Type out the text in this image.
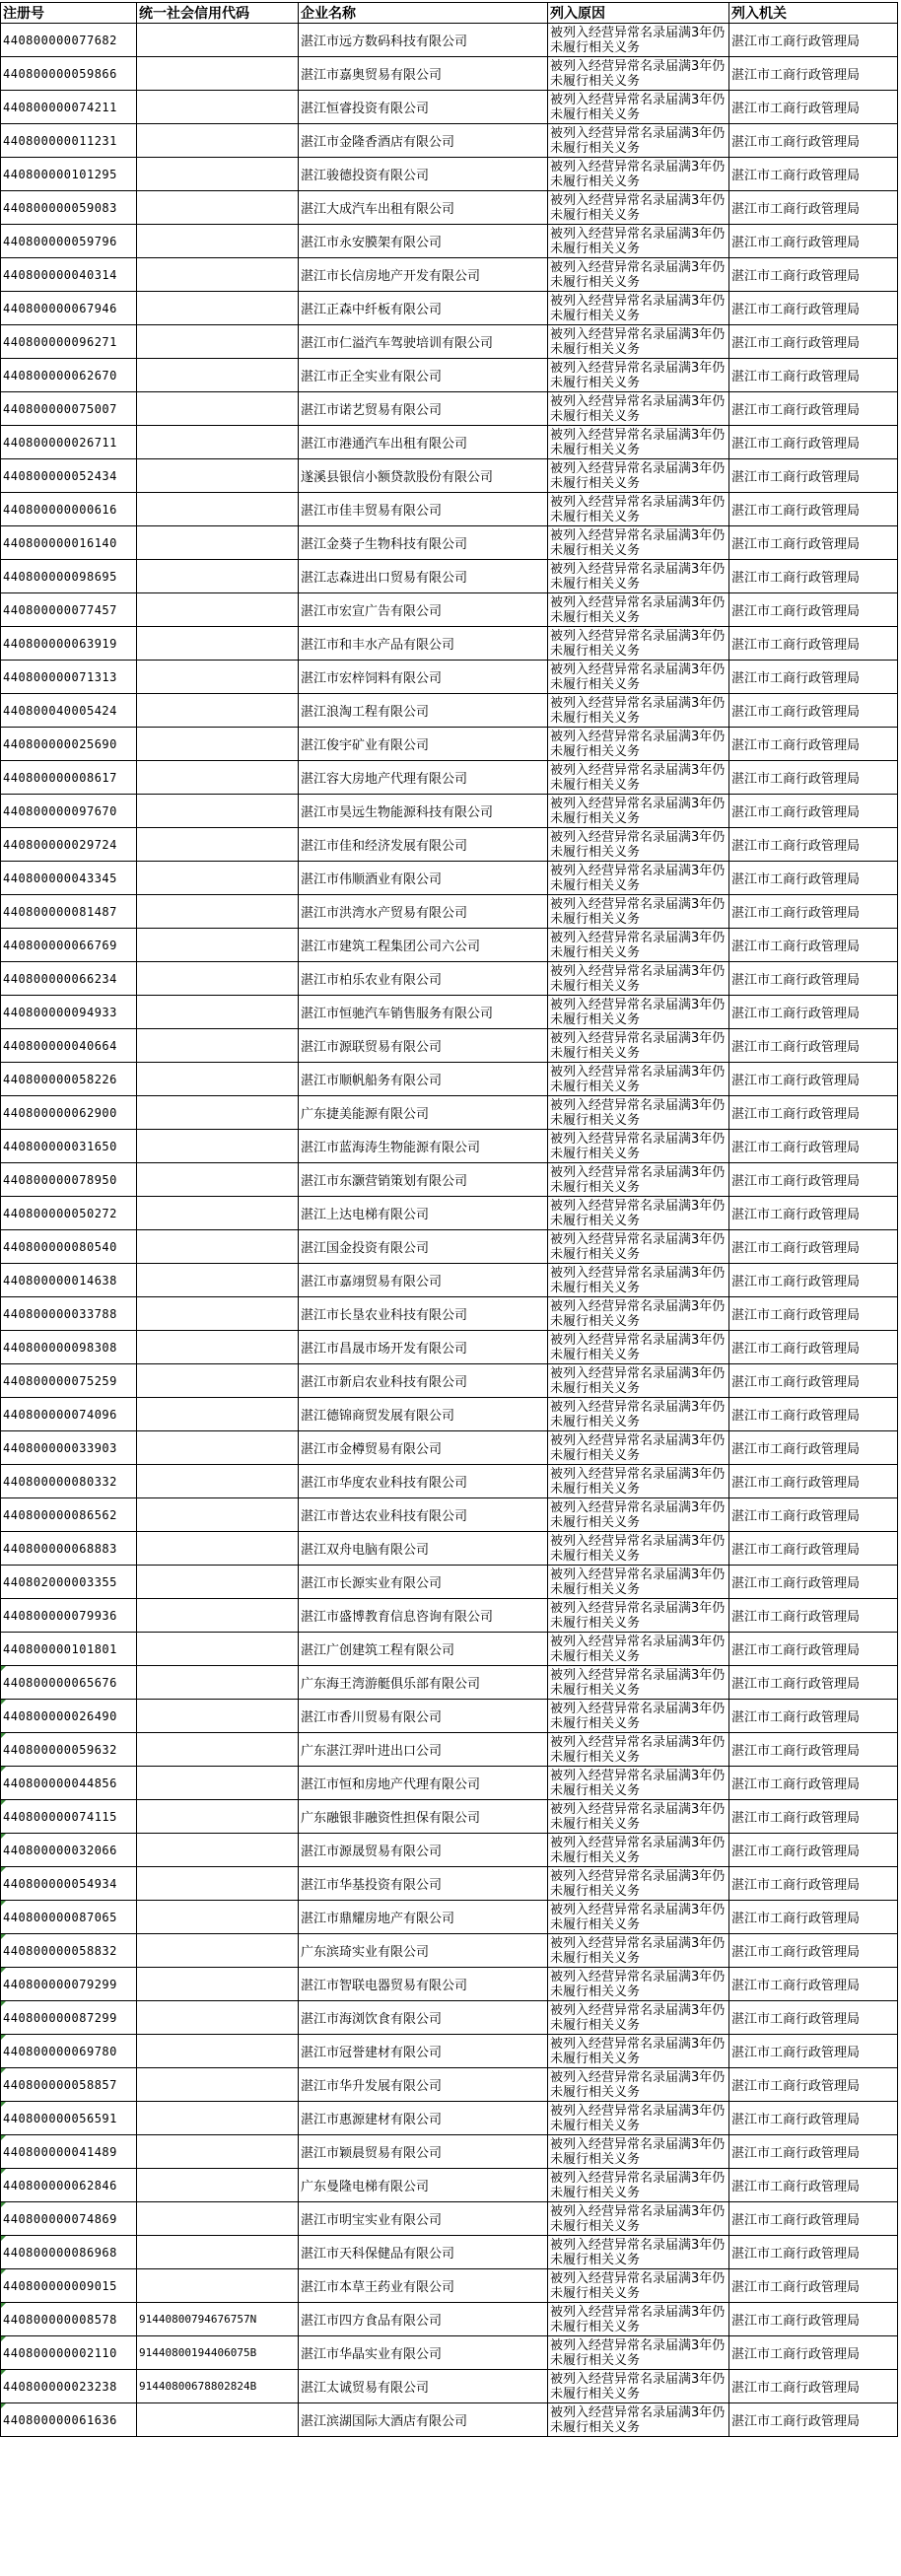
注册号	统一社会信用代码	企业名称	列入原因	列入机关
440800000077682		湛江市远方数码科技有限公司	被列入经营异常名录届满3年仍未履行相关义务	湛江市工商行政管理局
440800000059866		湛江市嘉奥贸易有限公司	被列入经营异常名录届满3年仍未履行相关义务	湛江市工商行政管理局
440800000074211		湛江恒睿投资有限公司	被列入经营异常名录届满3年仍未履行相关义务	湛江市工商行政管理局
440800000011231		湛江市金隆香酒店有限公司	被列入经营异常名录届满3年仍未履行相关义务	湛江市工商行政管理局
440800000101295		湛江骏德投资有限公司	被列入经营异常名录届满3年仍未履行相关义务	湛江市工商行政管理局
440800000059083		湛江大成汽车出租有限公司	被列入经营异常名录届满3年仍未履行相关义务	湛江市工商行政管理局
440800000059796		湛江市永安膜架有限公司	被列入经营异常名录届满3年仍未履行相关义务	湛江市工商行政管理局
440800000040314		湛江市长信房地产开发有限公司	被列入经营异常名录届满3年仍未履行相关义务	湛江市工商行政管理局
440800000067946		湛江正森中纤板有限公司	被列入经营异常名录届满3年仍未履行相关义务	湛江市工商行政管理局
440800000096271		湛江市仁溢汽车驾驶培训有限公司	被列入经营异常名录届满3年仍未履行相关义务	湛江市工商行政管理局
440800000062670		湛江市正全实业有限公司	被列入经营异常名录届满3年仍未履行相关义务	湛江市工商行政管理局
440800000075007		湛江市诺艺贸易有限公司	被列入经营异常名录届满3年仍未履行相关义务	湛江市工商行政管理局
440800000026711		湛江市港通汽车出租有限公司	被列入经营异常名录届满3年仍未履行相关义务	湛江市工商行政管理局
440800000052434		遂溪县银信小额贷款股份有限公司	被列入经营异常名录届满3年仍未履行相关义务	湛江市工商行政管理局
440800000000616		湛江市佳丰贸易有限公司	被列入经营异常名录届满3年仍未履行相关义务	湛江市工商行政管理局
440800000016140		湛江金葵子生物科技有限公司	被列入经营异常名录届满3年仍未履行相关义务	湛江市工商行政管理局
440800000098695		湛江志森进出口贸易有限公司	被列入经营异常名录届满3年仍未履行相关义务	湛江市工商行政管理局
440800000077457		湛江市宏宣广告有限公司	被列入经营异常名录届满3年仍未履行相关义务	湛江市工商行政管理局
440800000063919		湛江市和丰水产品有限公司	被列入经营异常名录届满3年仍未履行相关义务	湛江市工商行政管理局
440800000071313		湛江市宏梓饲料有限公司	被列入经营异常名录届满3年仍未履行相关义务	湛江市工商行政管理局
440800040005424		湛江浪淘工程有限公司	被列入经营异常名录届满3年仍未履行相关义务	湛江市工商行政管理局
440800000025690		湛江俊宇矿业有限公司	被列入经营异常名录届满3年仍未履行相关义务	湛江市工商行政管理局
440800000008617		湛江容大房地产代理有限公司	被列入经营异常名录届满3年仍未履行相关义务	湛江市工商行政管理局
440800000097670		湛江市昊远生物能源科技有限公司	被列入经营异常名录届满3年仍未履行相关义务	湛江市工商行政管理局
440800000029724		湛江市佳和经济发展有限公司	被列入经营异常名录届满3年仍未履行相关义务	湛江市工商行政管理局
440800000043345		湛江市伟顺酒业有限公司	被列入经营异常名录届满3年仍未履行相关义务	湛江市工商行政管理局
440800000081487		湛江市洪湾水产贸易有限公司	被列入经营异常名录届满3年仍未履行相关义务	湛江市工商行政管理局
440800000066769		湛江市建筑工程集团公司六公司	被列入经营异常名录届满3年仍未履行相关义务	湛江市工商行政管理局
440800000066234		湛江市柏乐农业有限公司	被列入经营异常名录届满3年仍未履行相关义务	湛江市工商行政管理局
440800000094933		湛江市恒驰汽车销售服务有限公司	被列入经营异常名录届满3年仍未履行相关义务	湛江市工商行政管理局
440800000040664		湛江市源联贸易有限公司	被列入经营异常名录届满3年仍未履行相关义务	湛江市工商行政管理局
440800000058226		湛江市顺帆船务有限公司	被列入经营异常名录届满3年仍未履行相关义务	湛江市工商行政管理局
440800000062900		广东捷美能源有限公司	被列入经营异常名录届满3年仍未履行相关义务	湛江市工商行政管理局
440800000031650		湛江市蓝海涛生物能源有限公司	被列入经营异常名录届满3年仍未履行相关义务	湛江市工商行政管理局
440800000078950		湛江市东灏营销策划有限公司	被列入经营异常名录届满3年仍未履行相关义务	湛江市工商行政管理局
440800000050272		湛江上达电梯有限公司	被列入经营异常名录届满3年仍未履行相关义务	湛江市工商行政管理局
440800000080540		湛江国金投资有限公司	被列入经营异常名录届满3年仍未履行相关义务	湛江市工商行政管理局
440800000014638		湛江市嘉翊贸易有限公司	被列入经营异常名录届满3年仍未履行相关义务	湛江市工商行政管理局
440800000033788		湛江市长垦农业科技有限公司	被列入经营异常名录届满3年仍未履行相关义务	湛江市工商行政管理局
440800000098308		湛江市昌晟市场开发有限公司	被列入经营异常名录届满3年仍未履行相关义务	湛江市工商行政管理局
440800000075259		湛江市新启农业科技有限公司	被列入经营异常名录届满3年仍未履行相关义务	湛江市工商行政管理局
440800000074096		湛江德锦商贸发展有限公司	被列入经营异常名录届满3年仍未履行相关义务	湛江市工商行政管理局
440800000033903		湛江市金樽贸易有限公司	被列入经营异常名录届满3年仍未履行相关义务	湛江市工商行政管理局
440800000080332		湛江市华度农业科技有限公司	被列入经营异常名录届满3年仍未履行相关义务	湛江市工商行政管理局
440800000086562		湛江市普达农业科技有限公司	被列入经营异常名录届满3年仍未履行相关义务	湛江市工商行政管理局
440800000068883		湛江双舟电脑有限公司	被列入经营异常名录届满3年仍未履行相关义务	湛江市工商行政管理局
440802000003355		湛江市长源实业有限公司	被列入经营异常名录届满3年仍未履行相关义务	湛江市工商行政管理局
440800000079936		湛江市盛博教育信息咨询有限公司	被列入经营异常名录届满3年仍未履行相关义务	湛江市工商行政管理局
440800000101801		湛江广创建筑工程有限公司	被列入经营异常名录届满3年仍未履行相关义务	湛江市工商行政管理局
440800000065676		广东海王湾游艇俱乐部有限公司	被列入经营异常名录届满3年仍未履行相关义务	湛江市工商行政管理局
440800000026490		湛江市香川贸易有限公司	被列入经营异常名录届满3年仍未履行相关义务	湛江市工商行政管理局
440800000059632		广东湛江羿叶进出口公司	被列入经营异常名录届满3年仍未履行相关义务	湛江市工商行政管理局
440800000044856		湛江市恒和房地产代理有限公司	被列入经营异常名录届满3年仍未履行相关义务	湛江市工商行政管理局
440800000074115		广东融银非融资性担保有限公司	被列入经营异常名录届满3年仍未履行相关义务	湛江市工商行政管理局
440800000032066		湛江市源晟贸易有限公司	被列入经营异常名录届满3年仍未履行相关义务	湛江市工商行政管理局
440800000054934		湛江市华基投资有限公司	被列入经营异常名录届满3年仍未履行相关义务	湛江市工商行政管理局
440800000087065		湛江市鼎耀房地产有限公司	被列入经营异常名录届满3年仍未履行相关义务	湛江市工商行政管理局
440800000058832		广东滨琦实业有限公司	被列入经营异常名录届满3年仍未履行相关义务	湛江市工商行政管理局
440800000079299		湛江市智联电器贸易有限公司	被列入经营异常名录届满3年仍未履行相关义务	湛江市工商行政管理局
440800000087299		湛江市海浏饮食有限公司	被列入经营异常名录届满3年仍未履行相关义务	湛江市工商行政管理局
440800000069780		湛江市冠誉建材有限公司	被列入经营异常名录届满3年仍未履行相关义务	湛江市工商行政管理局
440800000058857		湛江市华升发展有限公司	被列入经营异常名录届满3年仍未履行相关义务	湛江市工商行政管理局
440800000056591		湛江市惠源建材有限公司	被列入经营异常名录届满3年仍未履行相关义务	湛江市工商行政管理局
440800000041489		湛江市颖晨贸易有限公司	被列入经营异常名录届满3年仍未履行相关义务	湛江市工商行政管理局
440800000062846		广东曼隆电梯有限公司	被列入经营异常名录届满3年仍未履行相关义务	湛江市工商行政管理局
440800000074869		湛江市明宝实业有限公司	被列入经营异常名录届满3年仍未履行相关义务	湛江市工商行政管理局
440800000086968		湛江市天科保健品有限公司	被列入经营异常名录届满3年仍未履行相关义务	湛江市工商行政管理局
440800000009015		湛江市本草王药业有限公司	被列入经营异常名录届满3年仍未履行相关义务	湛江市工商行政管理局
440800000008578	91440800794676757N	湛江市四方食品有限公司	被列入经营异常名录届满3年仍未履行相关义务	湛江市工商行政管理局
440800000002110	91440800194406075B	湛江市华晶实业有限公司	被列入经营异常名录届满3年仍未履行相关义务	湛江市工商行政管理局
440800000023238	91440800678802824B	湛江太诚贸易有限公司	被列入经营异常名录届满3年仍未履行相关义务	湛江市工商行政管理局
440800000061636		湛江滨湖国际大酒店有限公司	被列入经营异常名录届满3年仍未履行相关义务	湛江市工商行政管理局
